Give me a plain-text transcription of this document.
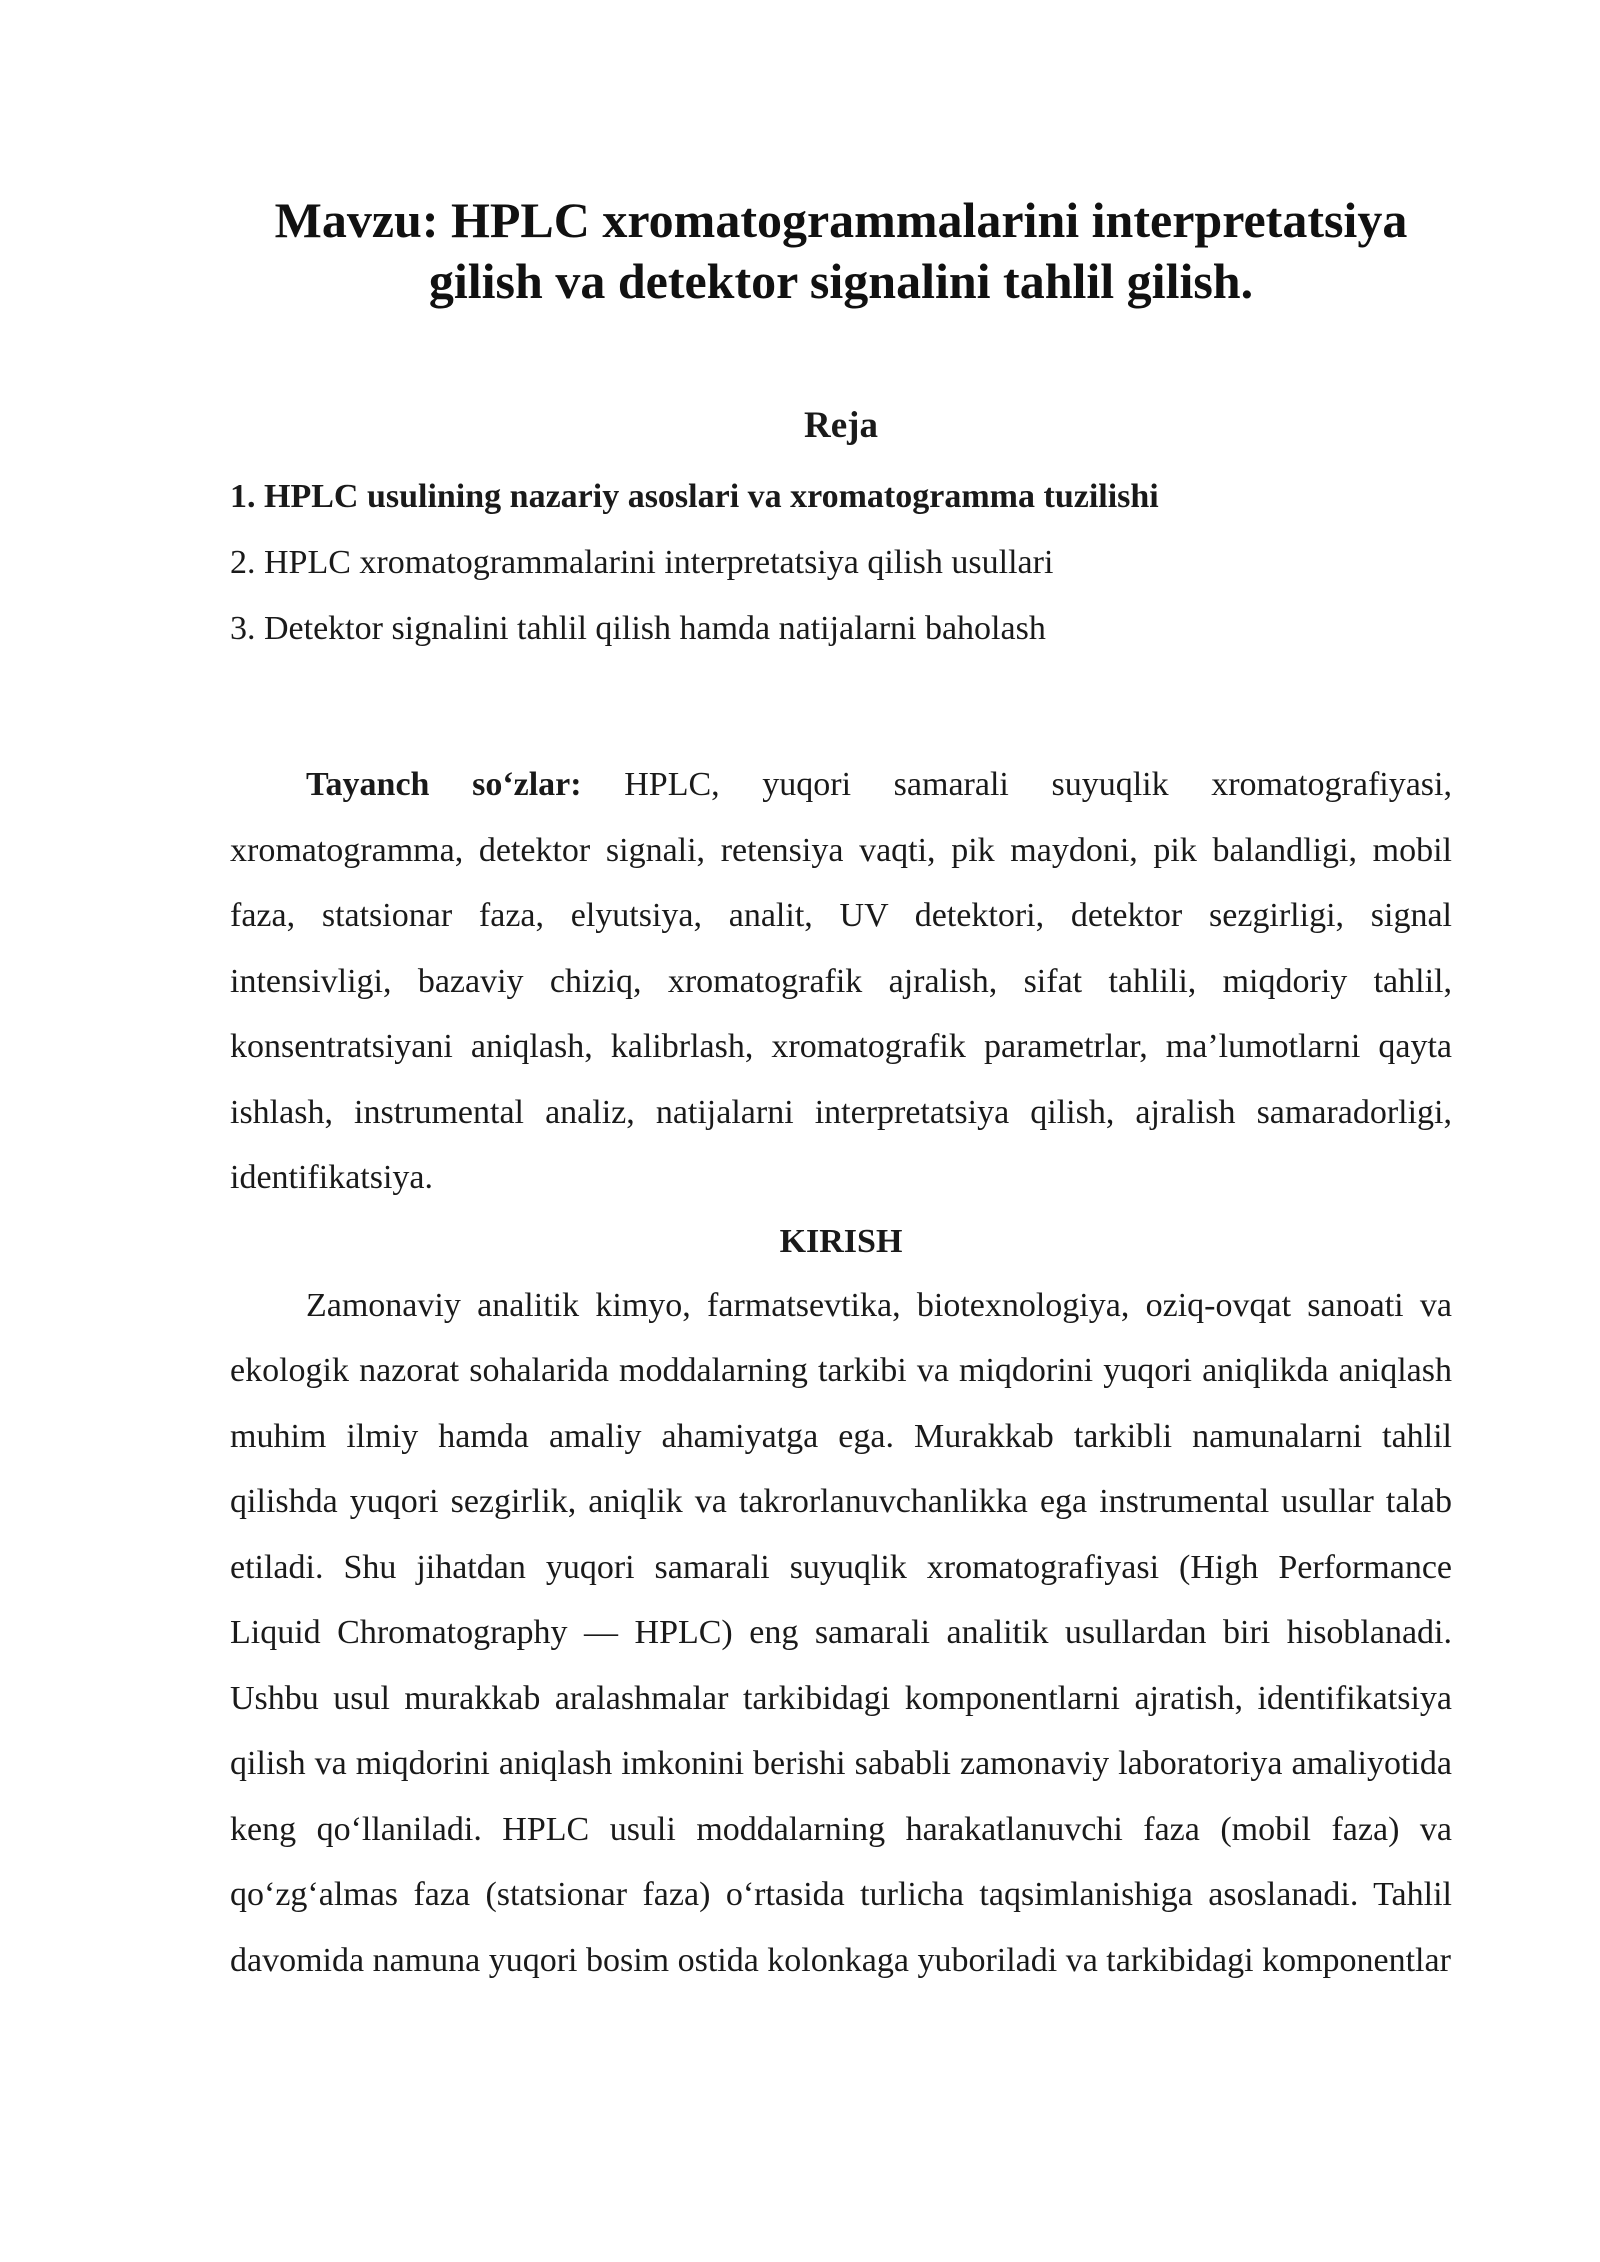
Mavzu: HPLC xromatogrammalarini interpretatsiya gilish va detektor signalini tahlil gilish.
Reja
1. HPLC usulining nazariy asoslari va xromatogramma tuzilishi
2. HPLC xromatogrammalarini interpretatsiya qilish usullari
3. Detektor signalini tahlil qilish hamda natijalarni baholash

Tayanch so‘zlar: HPLC, yuqori samarali suyuqlik xromatografiyasi, xromatogramma, detektor signali, retensiya vaqti, pik maydoni, pik balandligi, mobil faza, statsionar faza, elyutsiya, analit, UV detektori, detektor sezgirligi, signal intensivligi, bazaviy chiziq, xromatografik ajralish, sifat tahlili, miqdoriy tahlil, konsentratsiyani aniqlash, kalibrlash, xromatografik parametrlar, ma’lumotlarni qayta ishlash, instrumental analiz, natijalarni interpretatsiya qilish, ajralish samaradorligi, identifikatsiya.

KIRISH

Zamonaviy analitik kimyo, farmatsevtika, biotexnologiya, oziq-ovqat sanoati va ekologik nazorat sohalarida moddalarning tarkibi va miqdorini yuqori aniqlikda aniqlash muhim ilmiy hamda amaliy ahamiyatga ega. Murakkab tarkibli namunalarni tahlil qilishda yuqori sezgirlik, aniqlik va takrorlanuvchanlikka ega instrumental usullar talab etiladi. Shu jihatdan yuqori samarali suyuqlik xromatografiyasi (High Performance Liquid Chromatography — HPLC) eng samarali analitik usullardan biri hisoblanadi. Ushbu usul murakkab aralashmalar tarkibidagi komponentlarni ajratish, identifikatsiya qilish va miqdorini aniqlash imkonini berishi sababli zamonaviy laboratoriya amaliyotida keng qo‘llaniladi. HPLC usuli moddalarning harakatlanuvchi faza (mobil faza) va qo‘zg‘almas faza (statsionar faza) o‘rtasida turlicha taqsimlanishiga asoslanadi. Tahlil davomida namuna yuqori bosim ostida kolonkaga yuboriladi va tarkibidagi komponentlar
